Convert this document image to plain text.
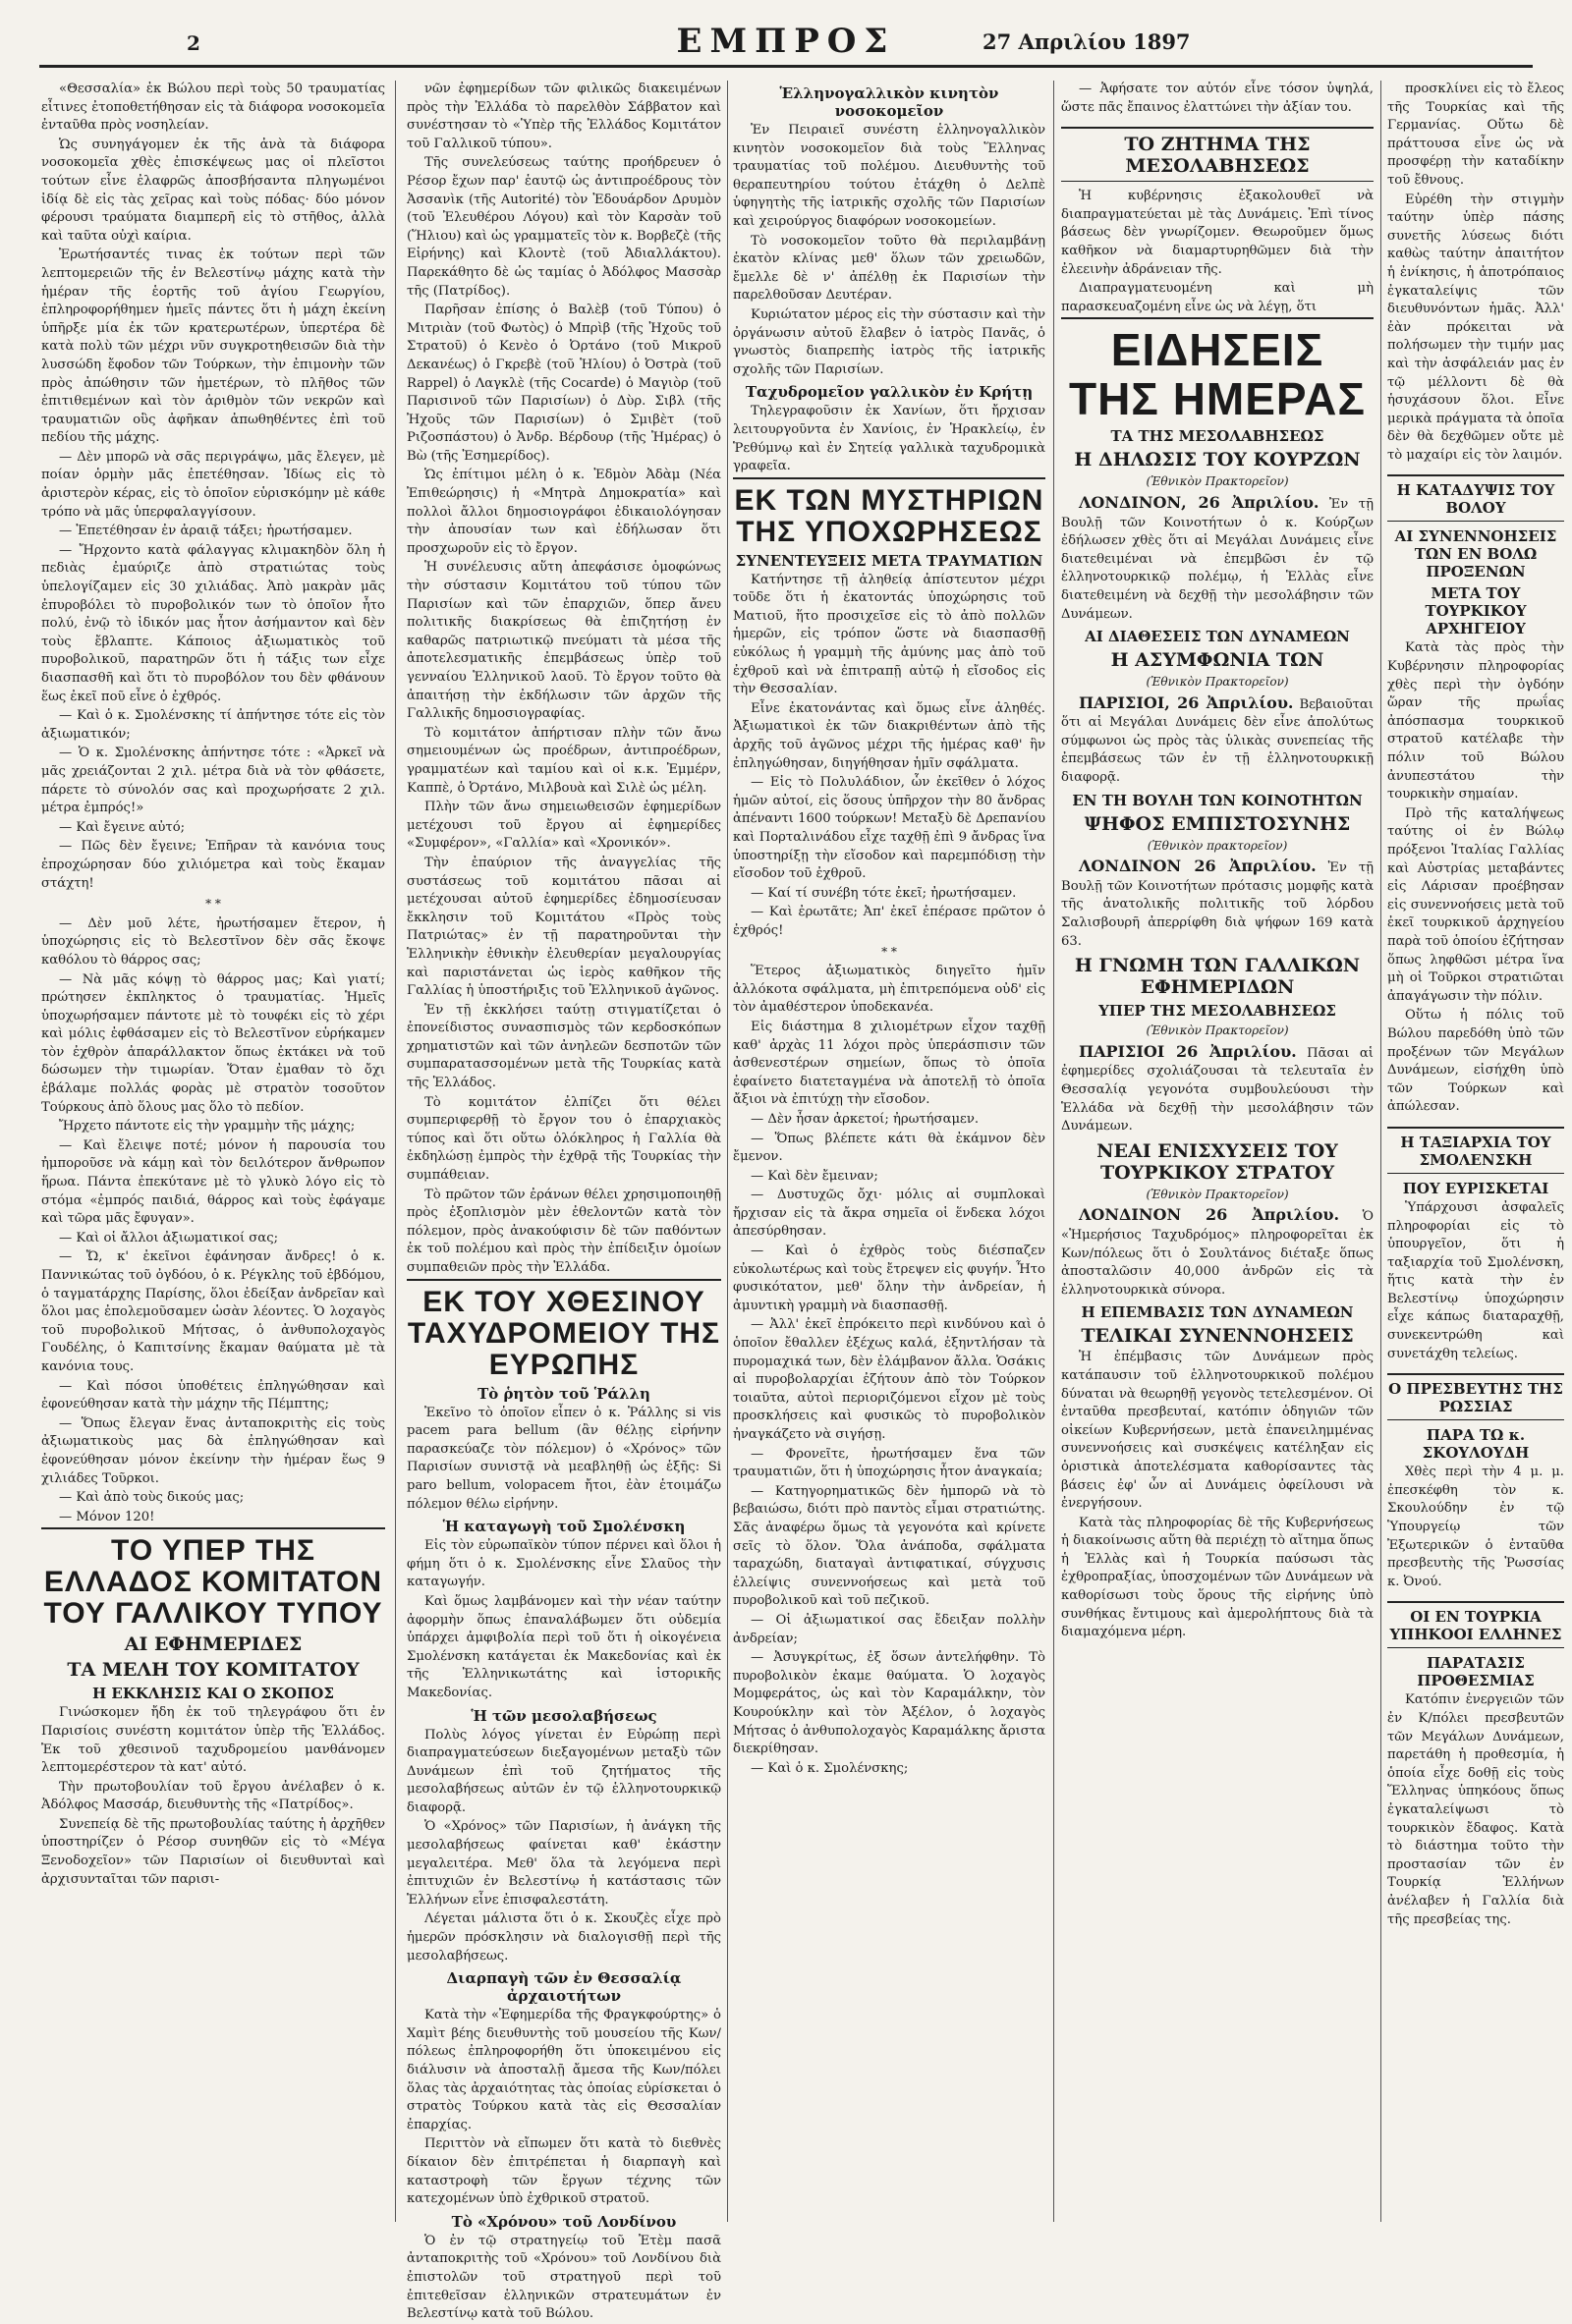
2	ΕΜΠΡΟΣ	27 Απριλίου 1897

«Θεσσαλία» ἐκ Βώλου περὶ τοὺς 50 τραυματίας εἶτινες ἐτοποθετήθησαν εἰς τὰ διάφορα νοσοκομεῖα ἐνταῦθα πρὸς νοσηλείαν.

Ὡς συνηγάγομεν ἐκ τῆς ἀνὰ τὰ διάφορα νοσοκομεῖα χθὲς ἐπισκέψεως μας οἱ πλεῖστοι τούτων εἶνε ἐλαφρῶς ἀποσβήσαντα πληγωμένοι ἰδίᾳ δὲ εἰς τὰς χεῖρας καὶ τοὺς πόδας· δύο μόνον φέρουσι τραύματα διαμπερῆ εἰς τὸ στῆθος, ἀλλὰ καὶ ταῦτα οὐχὶ καίρια.

Ἐρωτήσαντές τινας ἐκ τούτων περὶ τῶν λεπτομερειῶν τῆς ἐν Βελεστίνῳ μάχης κατὰ τὴν ἡμέραν τῆς ἑορτῆς τοῦ ἁγίου Γεωργίου, ἐπληροφορήθημεν ἡμεῖς πάντες ὅτι ἡ μάχη ἐκείνη ὑπῆρξε μία ἐκ τῶν κρατερωτέρων, ὑπερτέρα δὲ κατὰ πολὺ τῶν μέχρι νῦν συγκροτηθεισῶν διὰ τὴν λυσσώδη ἔφοδον τῶν Τούρκων, τὴν ἐπιμονὴν τῶν πρὸς ἀπώθησιν τῶν ἡμετέρων, τὸ πλῆθος τῶν ἐπιτιθεμένων καὶ τὸν ἀριθμὸν τῶν νεκρῶν καὶ τραυματιῶν οὓς ἀφῆκαν ἀπωθηθέντες ἐπὶ τοῦ πεδίου τῆς μάχης.

— Δὲν μπορῶ νὰ σᾶς περιγράψω, μᾶς ἔλεγεν, μὲ ποίαν ὁρμὴν μᾶς ἐπετέθησαν. Ἰδίως εἰς τὸ ἀριστερὸν κέρας, εἰς τὸ ὁποῖον εὑρισκόμην μὲ κάθε τρόπο νὰ μᾶς ὑπερφαλαγγίσουν.

— Ἐπετέθησαν ἐν ἀραιᾷ τάξει; ἠρωτήσαμεν.

— Ἤρχοντο κατὰ φάλαγγας κλιμακηδὸν ὅλη ἡ πεδιὰς ἐμαύριζε ἀπὸ στρατιώτας τοὺς ὑπελογίζαμεν εἰς 30 χιλιάδας. Ἀπὸ μακρὰν μᾶς ἐπυροβόλει τὸ πυροβολικόν των τὸ ὁποῖον ἦτο πολύ, ἐνῷ τὸ ἰδικόν μας ἦτον ἀσήμαντον καὶ δὲν τοὺς ἔβλαπτε. Κάποιος ἀξιωματικὸς τοῦ πυροβολικοῦ, παρατηρῶν ὅτι ἡ τάξις των εἶχε διασπασθῆ καὶ ὅτι τὸ πυροβόλον του δὲν φθάνουν ἕως ἐκεῖ ποῦ εἶνε ὁ ἐχθρός.

— Καὶ ὁ κ. Σμολένσκης τί ἀπήντησε τότε εἰς τὸν ἀξιωματικόν;

— Ὁ κ. Σμολένσκης ἀπήντησε τότε : «Ἀρκεῖ νὰ μᾶς χρειάζονται 2 χιλ. μέτρα διὰ νὰ τὸν φθάσετε, πάρετε τὸ σύνολόν σας καὶ προχωρήσατε 2 χιλ. μέτρα ἐμπρός!»

— Καὶ ἔγεινε αὐτό;

— Πῶς δὲν ἔγεινε; Ἐπῆραν τὰ κανόνια τους ἐπροχώρησαν δύο χιλιόμετρα καὶ τοὺς ἔκαμαν στάχτη!

* *

— Δὲν μοῦ λέτε, ἠρωτήσαμεν ἕτερον, ἡ ὑποχώρησις εἰς τὸ Βελεστῖνον δὲν σᾶς ἔκοψε καθόλου τὸ θάρρος σας;

— Νὰ μᾶς κόψῃ τὸ θάρρος μας; Καὶ γιατί; πρώτησεν ἐκπληκτος ὁ τραυματίας. Ἡμεῖς ὑποχωρήσαμεν πάντοτε μὲ τὸ τουφέκι εἰς τὸ χέρι καὶ μόλις ἐφθάσαμεν εἰς τὸ Βελεστῖνον εὑρήκαμεν τὸν ἐχθρὸν ἀπαράλλακτον ὅπως ἐκτάκει νὰ τοῦ δώσωμεν τὴν τιμωρίαν. Ὅταν ἐμαθαν τὸ ὄχι ἐβάλαμε πολλάς φορὰς μὲ στρατὸν τοσοῦτον Τούρκους ἀπὸ ὅλους μας ὅλο τὸ πεδίον.

Ἤρχετο πάντοτε εἰς τὴν γραμμὴν τῆς μάχης;

— Καὶ ἔλειψε ποτέ; μόνον ἡ παρουσία του ἠμποροῦσε νὰ κάμῃ καὶ τὸν δειλότερον ἄνθρωπον ἥρωα. Πάντα ἐπεκύτανε μὲ τὸ γλυκὸ λόγο εἰς τὸ στόμα «ἐμπρός παιδιά, θάρρος καὶ τοὺς ἐφάγαμε καὶ τῶρα μᾶς ἔφυγαν».

— Καὶ οἱ ἄλλοι ἀξιωματικοί σας;

— Ὤ, κ' ἐκεῖνοι ἐφάνησαν ἄνδρες! ὁ κ. Παννικώτας τοῦ ὀγδόου, ὁ κ. Ρέγκλης τοῦ ἑβδόμου, ὁ ταγματάρχης Παρίσης, ὅλοι ἐδείξαν ἀνδρεῖαν καὶ ὅλοι μας ἐπολεμοῦσαμεν ὡσὰν λέοντες. Ὁ λοχαγὸς τοῦ πυροβολικοῦ Μήτσας, ὁ ἀνθυπολοχαγὸς Γουδέλης, ὁ Καπιτσίνης ἔκαμαν θαύματα μὲ τὰ κανόνια τους.

— Καὶ πόσοι ὑποθέτεις ἐπληγώθησαν καὶ ἐφονεύθησαν κατὰ τὴν μάχην τῆς Πέμπτης;

— Ὅπως ἔλεγαν ἕνας ἀνταποκριτὴς εἰς τοὺς ἀξιωματικοὺς μας δὰ ἐπληγώθησαν καὶ ἐφονεύθησαν μόνον ἐκείνην τὴν ἡμέραν ἕως 9 χιλιάδες Τοῦρκοι.

— Καὶ ἀπὸ τοὺς δικούς μας;

— Μόνον 120!

ΤΟ ΥΠΕΡ ΤΗΣ ΕΛΛΑΔΟΣ ΚΟΜΙΤΑΤΟΝ ΤΟΥ ΓΑΛΛΙΚΟΥ ΤΥΠΟΥ
ΑΙ ΕΦΗΜΕΡΙΔΕΣ
ΤΑ ΜΕΛΗ ΤΟΥ ΚΟΜΙΤΑΤΟΥ
Η ΕΚΚΛΗΣΙΣ ΚΑΙ Ο ΣΚΟΠΟΣ

Γινώσκομεν ἤδη ἐκ τοῦ τηλεγράφου ὅτι ἐν Παρισίοις συνέστη κομιτάτον ὑπὲρ τῆς Ἑλλάδος. Ἐκ τοῦ χθεσινοῦ ταχυδρομείου μανθάνομεν λεπτομερέστερον τὰ κατ' αὐτό.

Τὴν πρωτοβουλίαν τοῦ ἔργου ἀνέλαβεν ὁ κ. Ἀδόλφος Μασσάρ, διευθυντὴς τῆς «Πατρίδος».

Συνεπείᾳ δὲ τῆς πρωτοβουλίας ταύτης ἡ ἀρχῆθεν ὑποστηρίζεν ὁ Ρέσορ συνηθῶν εἰς τὸ «Μέγα Ξενοδοχεῖον» τῶν Παρισίων οἱ διευθυνταὶ καὶ ἀρχισυνταῖται τῶν παρισι-

νῶν ἐφημερίδων τῶν φιλικῶς διακειμένων πρὸς τὴν Ἑλλάδα τὸ παρελθὸν Σάββατον καὶ συνέστησαν τὸ «Ὑπὲρ τῆς Ἑλλάδος Κομιτάτον τοῦ Γαλλικοῦ τύπου».

Τῆς συνελεύσεως ταύτης προήδρευεν ὁ Ρέσορ ἔχων παρ' ἑαυτῷ ὡς ἀντιπροέδρους τὸν Ἀσσανὶκ (τῆς Autorité) τὸν Ἐδουάρδον Δρυμὸν (τοῦ Ἐλευθέρου Λόγου) καὶ τὸν Καρσὰν τοῦ (Ἥλιου) καὶ ὡς γραμματεῖς τὸν κ. Βορβεζὲ (τῆς Εἰρήνης) καὶ Κλοντὲ (τοῦ Ἀδιαλλάκτου). Παρεκάθητο δὲ ὡς ταμίας ὁ Ἀδόλφος Μασσὰρ τῆς (Πατρίδος).

Παρῆσαν ἐπίσης ὁ Βαλὲβ (τοῦ Τύπου) ὁ Μιτριὰν (τοῦ Φωτὸς) ὁ Μπρὶβ (τῆς Ἠχοῦς τοῦ Στρατοῦ) ὁ Κενὲο ὁ Ὀρτάνο (τοῦ Μικροῦ Δεκανέως) ὁ Γκρεβὲ (τοῦ Ἡλίου) ὁ Ὀστρὰ (τοῦ Rappel) ὁ Λαγκλὲ (τῆς Cocarde) ὁ Μαγιὸρ (τοῦ Παρισινοῦ τῶν Παρισίων) ὁ Δὺρ. Σιβλ (τῆς Ἠχοῦς τῶν Παρισίων) ὁ Σμιβὲτ (τοῦ Ριζοσπάστου) ὁ Ἀνδρ. Βέρδουρ (τῆς Ἡμέρας) ὁ Βὼ (τῆς Ἐσημερίδος).

Ὡς ἐπίτιμοι μέλη ὁ κ. Ἐδμὸν Ἀδὰμ (Νέα Ἐπιθεώρησις) ἡ «Μητρὰ Δημοκρατία» καὶ πολλοὶ ἄλλοι δημοσιογράφοι ἐδικαιολόγησαν τὴν ἀπουσίαν των καὶ ἐδήλωσαν ὅτι προσχωροῦν εἰς τὸ ἔργον.

Ἡ συνέλευσις αὕτη ἀπεφάσισε ὁμοφώνως τὴν σύστασιν Κομιτάτου τοῦ τύπου τῶν Παρισίων καὶ τῶν ἐπαρχιῶν, ὅπερ ἄνευ πολιτικῆς διακρίσεως θὰ ἐπιζητήσῃ ἐν καθαρῶς πατριωτικῷ πνεύματι τὰ μέσα τῆς ἀποτελεσματικῆς ἐπεμβάσεως ὑπὲρ τοῦ γενναίου Ἑλληνικοῦ λαοῦ. Τὸ ἔργον τοῦτο θὰ ἀπαιτήσῃ τὴν ἐκδήλωσιν τῶν ἀρχῶν τῆς Γαλλικῆς δημοσιογραφίας.

Τὸ κομιτάτον ἀπήρτισαν πλὴν τῶν ἄνω σημειουμένων ὡς προέδρων, ἀντιπροέδρων, γραμματέων καὶ ταμίου καὶ οἱ κ.κ. Ἐμμέρν, Καππὲ, ὁ Ὀρτάνο, Μιλβουὰ καὶ Σιλὲ ὡς μέλη.

Πλὴν τῶν ἄνω σημειωθεισῶν ἐφημερίδων μετέχουσι τοῦ ἔργου αἱ ἐφημερίδες «Συμφέρον», «Γαλλία» καὶ «Χρονικόν».

Τὴν ἐπαύριον τῆς ἀναγγελίας τῆς συστάσεως τοῦ κομιτάτου πᾶσαι αἱ μετέχουσαι αὐτοῦ ἐφημερίδες ἐδημοσίευσαν ἔκκλησιν τοῦ Κομιτάτου «Πρὸς τοὺς Πατριώτας» ἐν τῇ παρατηροῦνται τὴν Ἑλληνικὴν ἐθνικὴν ἐλευθερίαν μεγαλουργίας καὶ παριστάνεται ὡς ἱερὸς καθῆκον τῆς Γαλλίας ἡ ὑποστήριξις τοῦ Ἑλληνικοῦ ἀγῶνος.

Ἐν τῇ ἐκκλήσει ταύτῃ στιγματίζεται ὁ ἐπονείδιστος συνασπισμὸς τῶν κερδοσκόπων χρηματιστῶν καὶ τῶν ἀνηλεῶν δεσποτῶν τῶν συμπαρατασσομένων μετὰ τῆς Τουρκίας κατὰ τῆς Ἑλλάδος.

Τὸ κομιτάτον ἐλπίζει ὅτι θέλει συμπεριφερθῇ τὸ ἔργον του ὁ ἐπαρχιακὸς τύπος καὶ ὅτι οὕτω ὁλόκληρος ἡ Γαλλία θὰ ἐκδηλώσῃ ἐμπρὸς τὴν ἐχθρᾷ τῆς Τουρκίας τὴν συμπάθειαν.

Τὸ πρῶτον τῶν ἐράνων θέλει χρησιμοποιηθῇ πρὸς ἐξοπλισμὸν μὲν ἐθελοντῶν κατὰ τὸν πόλεμον, πρὸς ἀνακούφισιν δὲ τῶν παθόντων ἐκ τοῦ πολέμου καὶ πρὸς τὴν ἐπίδειξιν ὁμοίων συμπαθειῶν πρὸς τὴν Ἑλλάδα.

ΕΚ ΤΟΥ ΧΘΕΣΙΝΟΥ ΤΑΧΥΔΡΟΜΕΙΟΥ ΤΗΣ ΕΥΡΩΠΗΣ
Τὸ ῥητὸν τοῦ Ῥάλλη

Ἐκεῖνο τὸ ὁποῖον εἶπεν ὁ κ. Ῥάλλης si vis pacem para bellum (ἂν θέλῃς εἰρήνην παρασκεύαζε τὸν πόλεμον) ὁ «Χρόνος» τῶν Παρισίων συνιστᾷ νὰ μεαβληθῇ ὡς ἑξῆς: Si paro bellum, volopacem ἤτοι, ἐὰν ἑτοιμάζω πόλεμον θέλω εἰρήνην.

Ἡ καταγωγὴ τοῦ Σμολένσκη

Εἰς τὸν εὐρωπαϊκὸν τύπον πέρνει καὶ ὅλοι ἡ φήμη ὅτι ὁ κ. Σμολένσκης εἶνε Σλαῦος τὴν καταγωγήν.

Καὶ ὅμως λαμβάνομεν καὶ τὴν νέαν ταύτην ἀφορμὴν ὅπως ἐπαναλάβωμεν ὅτι οὐδεμία ὑπάρχει ἀμφιβολία περὶ τοῦ ὅτι ἡ οἰκογένεια Σμολένσκη κατάγεται ἐκ Μακεδονίας καὶ ἐκ τῆς Ἑλληνικωτάτης καὶ ἱστορικῆς Μακεδονίας.

Ἡ τῶν μεσολαβήσεως

Πολὺς λόγος γίνεται ἐν Εὐρώπῃ περὶ διαπραγματεύσεων διεξαγομένων μεταξὺ τῶν Δυνάμεων ἐπὶ τοῦ ζητήματος τῆς μεσολαβήσεως αὐτῶν ἐν τῷ ἑλληνοτουρκικῷ διαφορᾷ.

Ὁ «Χρόνος» τῶν Παρισίων, ἡ ἀνάγκη τῆς μεσολαβήσεως φαίνεται καθ' ἑκάστην μεγαλειτέρα. Μεθ' ὅλα τὰ λεγόμενα περὶ ἐπιτυχιῶν ἐν Βελεστίνῳ ἡ κατάστασις τῶν Ἑλλήνων εἶνε ἐπισφαλεστάτη.

Λέγεται μάλιστα ὅτι ὁ κ. Σκουζὲς εἶχε πρὸ ἡμερῶν πρόσκλησιν νὰ διαλογισθῇ περὶ τῆς μεσολαβήσεως.

Διαρπαγὴ τῶν ἐν Θεσσαλίᾳ ἀρχαιοτήτων

Κατὰ τὴν «Ἐφημερίδα τῆς Φραγκφούρτης» ὁ Χαμὶτ βέης διευθυντὴς τοῦ μουσείου τῆς Κων/πόλεως ἐπληροφορήθη ὅτι ὑποκειμένου εἰς διάλυσιν νὰ ἀποσταλῇ ἄμεσα τῆς Κων/πόλει ὅλας τὰς ἀρχαιότητας τὰς ὁποίας εὑρίσκεται ὁ στρατὸς Τούρκου κατὰ τὰς εἰς Θεσσαλίαν ἐπαρχίας.

Περιττὸν νὰ εἴπωμεν ὅτι κατὰ τὸ διεθνὲς δίκαιον δὲν ἐπιτρέπεται ἡ διαρπαγὴ καὶ καταστροφὴ τῶν ἔργων τέχνης τῶν κατεχομένων ὑπὸ ἐχθρικοῦ στρατοῦ.

Τὸ «Χρόνου» τοῦ Λονδίνου

Ὁ ἐν τῷ στρατηγείῳ τοῦ Ἐτὲμ πασᾶ ἀνταποκριτὴς τοῦ «Χρόνου» τοῦ Λονδίνου διὰ ἐπιστολῶν τοῦ στρατηγοῦ περὶ τοῦ ἐπιτεθεῖσαν ἑλληνικῶν στρατευμάτων ἐν Βελεστίνῳ κατὰ τοῦ Βώλου.

Ἑλληνογαλλικὸν κινητὸν νοσοκομεῖον

Ἐν Πειραιεῖ συνέστη ἑλληνογαλλικὸν κινητὸν νοσοκομεῖον διὰ τοὺς Ἕλληνας τραυματίας τοῦ πολέμου. Διευθυντὴς τοῦ θεραπευτηρίου τούτου ἐτάχθη ὁ Δελπὲ ὑφηγητὴς τῆς ἰατρικῆς σχολῆς τῶν Παρισίων καὶ χειρούργος διαφόρων νοσοκομείων.

Τὸ νοσοκομεῖον τοῦτο θὰ περιλαμβάνῃ ἑκατὸν κλίνας μεθ' ὅλων τῶν χρειωδῶν, ἔμελλε δὲ ν' ἀπέλθῃ ἐκ Παρισίων τὴν παρελθοῦσαν Δευτέραν.

Κυριώτατον μέρος εἰς τὴν σύστασιν καὶ τὴν ὀργάνωσιν αὐτοῦ ἔλαβεν ὁ ἰατρὸς Πανᾶς, ὁ γνωστὸς διαπρεπὴς ἰατρὸς τῆς ἰατρικῆς σχολῆς τῶν Παρισίων.

Ταχυδρομεῖον γαλλικὸν ἐν Κρήτῃ

Τηλεγραφοῦσιν ἐκ Χανίων, ὅτι ἤρχισαν λειτουργοῦντα ἐν Χανίοις, ἐν Ἡρακλείῳ, ἐν Ῥεθύμνῳ καὶ ἐν Σητείᾳ γαλλικὰ ταχυδρομικὰ γραφεῖα.

ΕΚ ΤΩΝ ΜΥΣΤΗΡΙΩΝ ΤΗΣ ΥΠΟΧΩΡΗΣΕΩΣ
ΣΥΝΕΝΤΕΥΞΕΙΣ ΜΕΤΑ ΤΡΑΥΜΑΤΙΩΝ

Κατήντησε τῇ ἀληθείᾳ ἀπίστευτον μέχρι τοῦδε ὅτι ἡ ἐκατοντάς ὑποχώρησις τοῦ Ματιοῦ, ἥτο προσιχεῖσε εἰς τὸ ἀπὸ πολλῶν ἡμερῶν, εἰς τρόπον ὥστε νὰ διασπασθῇ εὐκόλως ἡ γραμμὴ τῆς ἀμύνης μας ἀπὸ τοῦ ἐχθροῦ καὶ νὰ ἐπιτραπῇ αὐτῷ ἡ εἴσοδος εἰς τὴν Θεσσαλίαν.

Εἶνε ἐκατονάντας καὶ ὅμως εἶνε ἀληθές. Ἀξιωματικοὶ ἐκ τῶν διακριθέντων ἀπὸ τῆς ἀρχῆς τοῦ ἀγῶνος μέχρι τῆς ἡμέρας καθ' ἣν ἐπληγώθησαν, διηγήθησαν ἡμῖν σφάλματα.

— Εἰς τὸ Πολυλάδιον, ὧν ἐκεῖθεν ὁ λόχος ἡμῶν αὐτοί, εἰς ὅσους ὑπῆρχον τὴν 80 ἄνδρας ἀπέναντι 1600 τούρκων! Μεταξὺ δὲ Δρεπανίου καὶ Πορταλινάδου εἶχε ταχθῇ ἐπὶ 9 ἄνδρας ἵνα ὑποστηρίξῃ τὴν εἴσοδον καὶ παρεμπόδισῃ τὴν εἴσοδον τοῦ ἐχθροῦ.

— Καί τί συνέβη τότε ἐκεῖ; ἠρωτήσαμεν.

— Καὶ ἐρωτᾶτε; Ἀπ' ἐκεῖ ἐπέρασε πρῶτον ὁ ἐχθρός!

* *

Ἕτερος ἀξιωματικὸς διηγεῖτο ἡμῖν ἀλλόκοτα σφάλματα, μὴ ἐπιτρεπόμενα οὐδ' εἰς τὸν ἀμαθέστερον ὑποδεκανέα.

Εἰς διάστημα 8 χιλιομέτρων εἶχον ταχθῇ καθ' ἀρχὰς 11 λόχοι πρὸς ὑπεράσπισιν τῶν ἀσθενεστέρων σημείων, ὅπως τὸ ὁποῖα ἐφαίνετο διατεταγμένα νὰ ἀποτελῇ τὸ ὁποῖα ἄξιοι νὰ ἐπιτύχῃ τὴν εἴσοδον.

— Δὲν ἦσαν ἀρκετοί; ἠρωτήσαμεν.

— Ὅπως βλέπετε κάτι θὰ ἐκάμνον δὲν ἔμενον.

— Καὶ δὲν ἔμειναν;

— Δυστυχῶς ὄχι· μόλις αἱ συμπλοκαὶ ἤρχισαν εἰς τὰ ἄκρα σημεῖα οἱ ἕνδεκα λόχοι ἀπεσύρθησαν.

— Καὶ ὁ ἐχθρὸς τοὺς διέσπαζεν εὐκολωτέρως καὶ τοὺς ἔτρεψεν εἰς φυγήν. Ἦτο φυσικότατον, μεθ' ὅλην τὴν ἀνδρείαν, ἡ ἀμυντικὴ γραμμὴ νὰ διασπασθῇ.

— Ἀλλ' ἐκεῖ ἐπρόκειτο περὶ κινδύνου καὶ ὁ ὁποῖον ἔθαλλεν ἐξέχως καλά, ἐξηντλήσαν τὰ πυρομαχικά των, δὲν ἐλάμβανον ἄλλα. Ὁσάκις αἱ πυροβολαρχίαι ἐζήτουν ἀπὸ τὸν Τούρκον τοιαῦτα, αὐτοὶ περιοριζόμενοι εἶχον μὲ τοὺς προσκλήσεις καὶ φυσικῶς τὸ πυροβολικὸν ἠναγκάζετο νὰ σιγήσῃ.

— Φρονεῖτε, ἠρωτήσαμεν ἕνα τῶν τραυματιῶν, ὅτι ἡ ὑποχώρησις ἦτον ἀναγκαία;

— Κατηγορηματικῶς δὲν ἠμπορῶ νὰ τὸ βεβαιώσω, διότι πρὸ παντὸς εἶμαι στρατιώτης. Σᾶς ἀναφέρω ὅμως τὰ γεγονότα καὶ κρίνετε σεῖς τὸ ὅλον. Ὅλα ἀνάποδα, σφάλματα ταραχώδη, διαταγαὶ ἀντιφατικαί, σύγχυσις ἐλλείψις συνεννοήσεως καὶ μετὰ τοῦ πυροβολικοῦ καὶ τοῦ πεζικοῦ.

— Οἱ ἀξιωματικοί σας ἔδειξαν πολλὴν ἀνδρείαν;

— Ἀσυγκρίτως, ἐξ ὅσων ἀντελήφθην. Τὸ πυροβολικὸν ἐκαμε θαύματα. Ὁ λοχαγὸς Μομφεράτος, ὡς καὶ τὸν Καραμάλκην, τὸν Κουρούκλην καὶ τὸν Ἀξέλον, ὁ λοχαγὸς Μήτσας ὁ ἀνθυπολοχαγὸς Καραμάλκης ἄριστα διεκρίθησαν.

— Καὶ ὁ κ. Σμολένσκης;

— Ἀφήσατε τον αὐτόν εἶνε τόσον ὑψηλά, ὥστε πᾶς ἔπαινος ἐλαττώνει τὴν ἀξίαν του.

ΤΟ ΖΗΤΗΜΑ ΤΗΣ ΜΕΣΟΛΑΒΗΣΕΩΣ

Ἡ κυβέρνησις ἐξακολουθεῖ νὰ διαπραγματεύεται μὲ τὰς Δυνάμεις. Ἐπὶ τίνος βάσεως δὲν γνωρίζομεν. Θεωροῦμεν ὅμως καθῆκον νὰ διαμαρτυρηθῶμεν διὰ τὴν ἐλεεινὴν ἀδράνειαν τῆς.

Διαπραγματευομένη καὶ μὴ παρασκευαζομένη εἶνε ὡς νὰ λέγῃ, ὅτι

ΕΙΔΗΣΕΙΣ ΤΗΣ ΗΜΕΡΑΣ
ΤΑ ΤΗΣ ΜΕΣΟΛΑΒΗΣΕΩΣ
Η ΔΗΛΩΣΙΣ ΤΟΥ ΚΟΥΡΖΩΝ
(Ἐθνικὸν Πρακτορεῖον)

ΛΟΝΔΙΝΟΝ, 26 Ἀπριλίου. Ἐν τῇ Βουλῇ τῶν Κοινοτήτων ὁ κ. Κούρζων ἐδήλωσεν χθὲς ὅτι αἱ Μεγάλαι Δυνάμεις εἶνε διατεθειμέναι νὰ ἐπεμβῶσι ἐν τῷ ἑλληνοτουρκικῷ πολέμῳ, ἡ Ἑλλὰς εἶνε διατεθειμένη νὰ δεχθῇ τὴν μεσολάβησιν τῶν Δυνάμεων.

ΑΙ ΔΙΑΘΕΣΕΙΣ ΤΩΝ ΔΥΝΑΜΕΩΝ
Η ΑΣΥΜΦΩΝΙΑ ΤΩΝ
(Ἐθνικὸν Πρακτορεῖον)

ΠΑΡΙΣΙΟΙ, 26 Ἀπριλίου. Βεβαιοῦται ὅτι αἱ Μεγάλαι Δυνάμεις δὲν εἶνε ἀπολύτως σύμφωνοι ὡς πρὸς τὰς ὑλικὰς συνεπείας τῆς ἐπεμβάσεως τῶν ἐν τῇ ἑλληνοτουρκικῇ διαφορᾷ.

ΕΝ ΤΗ ΒΟΥΛΗ ΤΩΝ ΚΟΙΝΟΤΗΤΩΝ
ΨΗΦΟΣ ΕΜΠΙΣΤΟΣΥΝΗΣ
(Ἐθνικὸν πρακτορεῖον)

ΛΟΝΔΙΝΟΝ 26 Ἀπριλίου. Ἐν τῇ Βουλῇ τῶν Κοινοτήτων πρότασις μομφῆς κατὰ τῆς ἀνατολικῆς πολιτικῆς τοῦ λόρδου Σαλισβουρῆ ἀπερρίφθη διὰ ψήφων 169 κατὰ 63.

Η ΓΝΩΜΗ ΤΩΝ ΓΑΛΛΙΚΩΝ ΕΦΗΜΕΡΙΔΩΝ
ΥΠΕΡ ΤΗΣ ΜΕΣΟΛΑΒΗΣΕΩΣ
(Ἐθνικὸν Πρακτορεῖον)

ΠΑΡΙΣΙΟΙ 26 Ἀπριλίου. Πᾶσαι αἱ ἐφημερίδες σχολιάζουσαι τὰ τελευταῖα ἐν Θεσσαλίᾳ γεγονότα συμβουλεύουσι τὴν Ἑλλάδα νὰ δεχθῇ τὴν μεσολάβησιν τῶν Δυνάμεων.

ΝΕΑΙ ΕΝΙΣΧΥΣΕΙΣ ΤΟΥ ΤΟΥΡΚΙΚΟΥ ΣΤΡΑΤΟΥ
(Ἐθνικὸν Πρακτορεῖον)

ΛΟΝΔΙΝΟΝ 26 Ἀπριλίου. Ὁ «Ἡμερήσιος Ταχυδρόμος» πληροφορεῖται ἐκ Κων/πόλεως ὅτι ὁ Σουλτάνος διέταξε ὅπως ἀποσταλῶσιν 40,000 ἀνδρῶν εἰς τὰ ἑλληνοτουρκικὰ σύνορα.

Η ΕΠΕΜΒΑΣΙΣ ΤΩΝ ΔΥΝΑΜΕΩΝ
ΤΕΛΙΚΑΙ ΣΥΝΕΝΝΟΗΣΕΙΣ

Ἡ ἐπέμβασις τῶν Δυνάμεων πρὸς κατάπαυσιν τοῦ ἑλληνοτουρκικοῦ πολέμου δύναται νὰ θεωρηθῇ γεγονὸς τετελεσμένον. Οἱ ἐνταῦθα πρεσβευταί, κατόπιν ὁδηγιῶν τῶν οἰκείων Κυβερνήσεων, μετὰ ἐπανειλημμένας συνεννοήσεις καὶ συσκέψεις κατέληξαν εἰς ὁριστικὰ ἀποτελέσματα καθορίσαντες τὰς βάσεις ἐφ' ὧν αἱ Δυνάμεις ὀφείλουσι νὰ ἐνεργήσουν.

Κατὰ τὰς πληροφορίας δὲ τῆς Κυβερνήσεως ἡ διακοίνωσις αὕτη θὰ περιέχῃ τὸ αἴτημα ὅπως ἡ Ἑλλὰς καὶ ἡ Τουρκία παύσωσι τὰς ἐχθροπραξίας, ὑποσχομένων τῶν Δυνάμεων νὰ καθορίσωσι τοὺς ὅρους τῆς εἰρήνης ὑπὸ συνθήκας ἔντιμους καὶ ἀμερολήπτους διὰ τὰ διαμαχόμενα μέρη.

προσκλίνει εἰς τὸ ἔλεος τῆς Τουρκίας καὶ τῆς Γερμανίας. Οὕτω δὲ πράττουσα εἶνε ὡς νὰ προσφέρῃ τὴν καταδίκην τοῦ ἔθνους.

Εὐρέθη τὴν στιγμὴν ταύτην ὑπὲρ πάσης συνετῆς λύσεως διότι καθὼς ταύτην ἀπαιτήτον ἡ ἐνίκησις, ἡ ἀποτρόπαιος ἐγκαταλείψις τῶν διευθυνόντων ἡμᾶς. Ἀλλ' ἐὰν πρόκειται νὰ πολήσωμεν τὴν τιμήν μας καὶ τὴν ἀσφάλειάν μας ἐν τῷ μέλλοντι δὲ θὰ ἡσυχάσουν ὅλοι. Εἶνε μερικὰ πράγματα τὰ ὁποῖα δὲν θὰ δεχθῶμεν οὔτε μὲ τὸ μαχαίρι εἰς τὸν λαιμόν.

Η ΚΑΤΑΔΥΨΙΣ ΤΟΥ ΒΟΛΟΥ
ΑΙ ΣΥΝΕΝΝΟΗΣΕΙΣ ΤΩΝ ΕΝ ΒΟΛΩ ΠΡΟΞΕΝΩΝ
ΜΕΤΑ ΤΟΥ ΤΟΥΡΚΙΚΟΥ ΑΡΧΗΓΕΙΟΥ

Κατὰ τὰς πρὸς τὴν Κυβέρνησιν πληροφορίας χθὲς περὶ τὴν ὀγδόην ὥραν τῆς πρωΐας ἀπόσπασμα τουρκικοῦ στρατοῦ κατέλαβε τὴν πόλιν τοῦ Βώλου ἀνυπεστάτου τὴν τουρκικὴν σημαίαν.

Πρὸ τῆς καταλήψεως ταύτης οἱ ἐν Βώλῳ πρόξενοι Ἰταλίας Γαλλίας καὶ Αὐστρίας μεταβάντες εἰς Λάρισαν προέβησαν εἰς συνεννοήσεις μετὰ τοῦ ἐκεῖ τουρκικοῦ ἀρχηγείου παρὰ τοῦ ὁποίου ἐζήτησαν ὅπως ληφθῶσι μέτρα ἵνα μὴ οἱ Τοῦρκοι στρατιῶται ἀπαγάγωσιν τὴν πόλιν.

Οὕτω ἡ πόλις τοῦ Βώλου παρεδόθη ὑπὸ τῶν προξένων τῶν Μεγάλων Δυνάμεων, εἰσήχθη ὑπὸ τῶν Τούρκων καὶ ἀπώλεσαν.

Η ΤΑΞΙΑΡΧΙΑ ΤΟΥ ΣΜΟΛΕΝΣΚΗ
ΠΟΥ ΕΥΡΙΣΚΕΤΑΙ

Ὑπάρχουσι ἀσφαλεῖς πληροφορίαι εἰς τὸ ὑπουργεῖον, ὅτι ἡ ταξιαρχία τοῦ Σμολένσκη, ἥτις κατὰ τὴν ἐν Βελεστίνῳ ὑποχώρησιν εἶχε κάπως διαταραχθῇ, συνεκεντρώθη καὶ συνετάχθη τελείως.

Ο ΠΡΕΣΒΕΥΤΗΣ ΤΗΣ ΡΩΣΣΙΑΣ
ΠΑΡΑ ΤΩ κ. ΣΚΟΥΛΟΥΔΗ

Χθὲς περὶ τὴν 4 μ. μ. ἐπεσκέφθη τὸν κ. Σκουλούδην ἐν τῷ Ὑπουργείῳ τῶν Ἐξωτερικῶν ὁ ἐνταῦθα πρεσβευτὴς τῆς Ῥωσσίας κ. Ὀνού.

ΟΙ ΕΝ ΤΟΥΡΚΙΑ ΥΠΗΚΟΟΙ ΕΛΛΗΝΕΣ
ΠΑΡΑΤΑΣΙΣ ΠΡΟΘΕΣΜΙΑΣ

Κατόπιν ἐνεργειῶν τῶν ἐν Κ/πόλει πρεσβευτῶν τῶν Μεγάλων Δυνάμεων, παρετάθη ἡ προθεσμία, ἡ ὁποία εἶχε δοθῇ εἰς τοὺς Ἕλληνας ὑπηκόους ὅπως ἐγκαταλείψωσι τὸ τουρκικὸν ἔδαφος. Κατὰ τὸ διάστημα τοῦτο τὴν προστασίαν τῶν ἐν Τουρκίᾳ Ἑλλήνων ἀνέλαβεν ἡ Γαλλία διὰ τῆς πρεσβείας της.
